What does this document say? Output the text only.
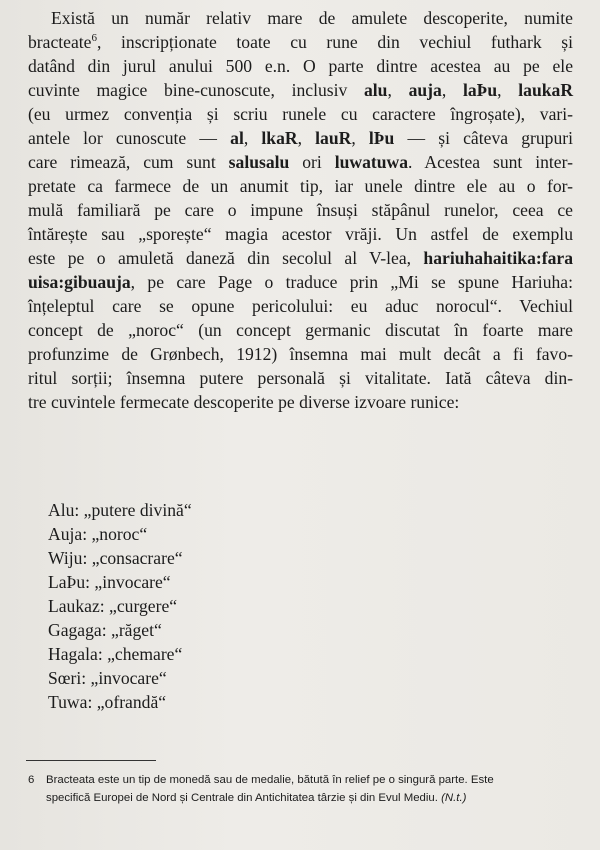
Există un număr relativ mare de amulete descoperite, numite
bracteate$^6$, inscripționate toate cu rune din vechiul futhark și
datând din jurul anului 500 e.n. O parte dintre acestea au pe ele
cuvinte magice bine-cunoscute, inclusiv alu, auja, laÞu, laukaR
(eu urmez convenția și scriu runele cu caractere îngroșate), vari-
antele lor cunoscute — al, lkaR, lauR, lÞu — și câteva grupuri
care rimează, cum sunt salusalu ori luwatuwa. Acestea sunt inter-
pretate ca farmece de un anumit tip, iar unele dintre ele au o for-
mulă familiară pe care o impune însuși stăpânul runelor, ceea ce
întărește sau „sporește“ magia acestor vrăji. Un astfel de exemplu
este pe o amuletă daneză din secolul al V-lea, hariuhahaitika:fara
uisa:gibuauja, pe care Page o traduce prin „Mi se spune Hariuha:
înțeleptul care se opune pericolului: eu aduc norocul“. Vechiul
concept de „noroc“ (un concept germanic discutat în foarte mare
profunzime de Grønbech, 1912) însemna mai mult decât a fi favo-
ritul sorții; însemna putere personală și vitalitate. Iată câteva din-
tre cuvintele fermecate descoperite pe diverse izvoare runice:
Alu: „putere divină“
Auja: „noroc“
Wiju: „consacrare“
LaÞu: „invocare“
Laukaz: „curgere“
Gagaga: „răget“
Hagala: „chemare“
Sœri: „invocare“
Tuwa: „ofrandă“
6 Bracteata este un tip de monedă sau de medalie, bătută în relief pe o singură parte. Este
specifică Europei de Nord și Centrale din Antichitatea târzie și din Evul Mediu. (N.t.)
